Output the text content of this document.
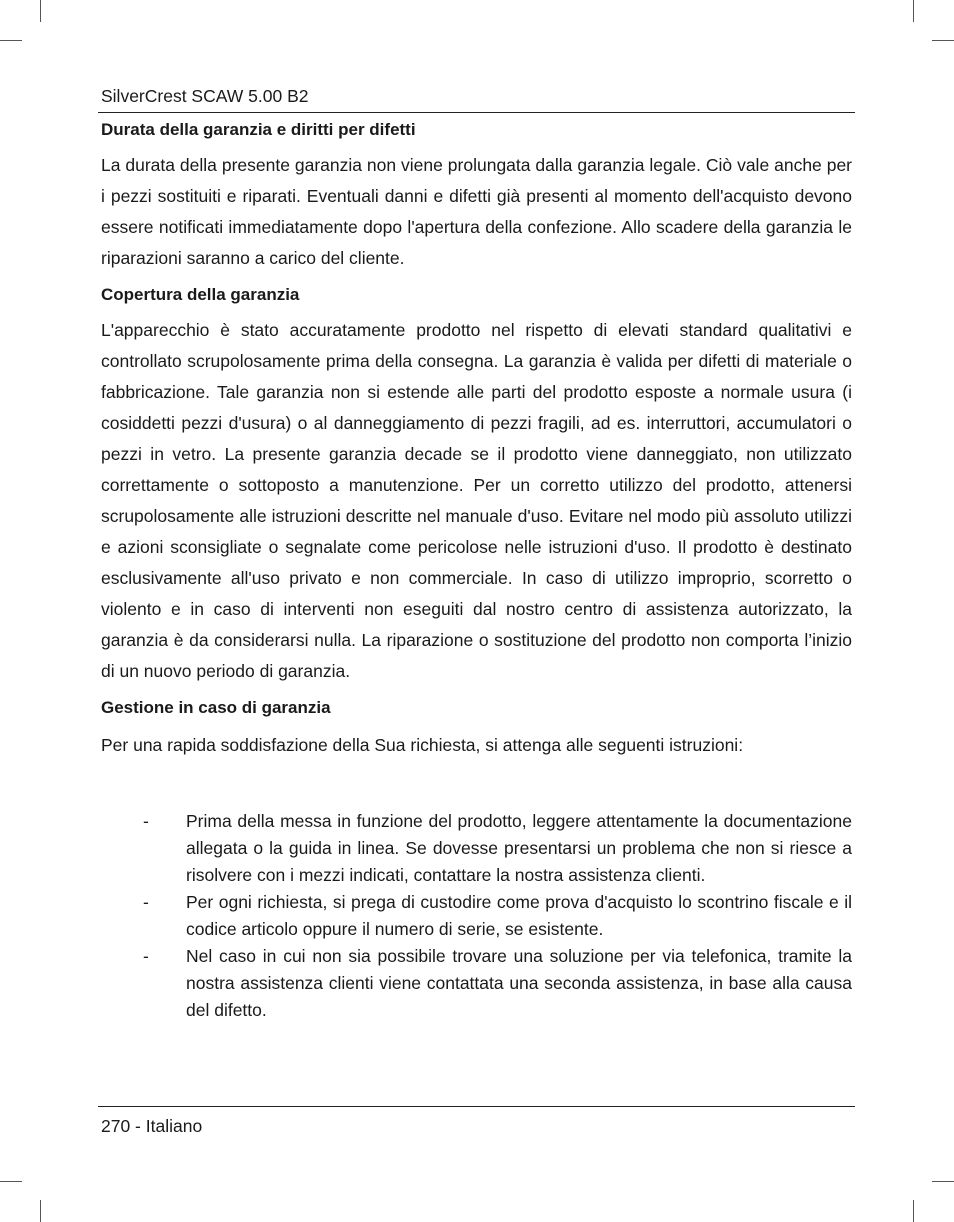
SilverCrest SCAW 5.00 B2
Durata della garanzia e diritti per difetti

La durata della presente garanzia non viene prolungata dalla garanzia legale. Ciò vale anche per i pezzi sostituiti e riparati. Eventuali danni e difetti già presenti al momento dell'acquisto devono essere notificati immediatamente dopo l'apertura della confezione. Allo scadere della garanzia le riparazioni saranno a carico del cliente.

Copertura della garanzia

L'apparecchio è stato accuratamente prodotto nel rispetto di elevati standard qualitativi e controllato scrupolosamente prima della consegna. La garanzia è valida per difetti di materiale o fabbricazione. Tale garanzia non si estende alle parti del prodotto esposte a normale usura (i cosiddetti pezzi d'usura) o al danneggiamento di pezzi fragili, ad es. interruttori, accumulatori o pezzi in vetro. La presente garanzia decade se il prodotto viene danneggiato, non utilizzato correttamente o sottoposto a manutenzione. Per un corretto utilizzo del prodotto, attenersi scrupolosamente alle istruzioni descritte nel manuale d'uso. Evitare nel modo più assoluto utilizzi e azioni sconsigliate o segnalate come pericolose nelle istruzioni d'uso. Il prodotto è destinato esclusivamente all'uso privato e non commerciale. In caso di utilizzo improprio, scorretto o violento e in caso di interventi non eseguiti dal nostro centro di assistenza autorizzato, la garanzia è da considerarsi nulla. La riparazione o sostituzione del prodotto non comporta l’inizio di un nuovo periodo di garanzia.

Gestione in caso di garanzia

Per una rapida soddisfazione della Sua richiesta, si attenga alle seguenti istruzioni:

- Prima della messa in funzione del prodotto, leggere attentamente la documentazione allegata o la guida in linea. Se dovesse presentarsi un problema che non si riesce a risolvere con i mezzi indicati, contattare la nostra assistenza clienti.
- Per ogni richiesta, si prega di custodire come prova d'acquisto lo scontrino fiscale e il codice articolo oppure il numero di serie, se esistente.
- Nel caso in cui non sia possibile trovare una soluzione per via telefonica, tramite la nostra assistenza clienti viene contattata una seconda assistenza, in base alla causa del difetto.
270 - Italiano
